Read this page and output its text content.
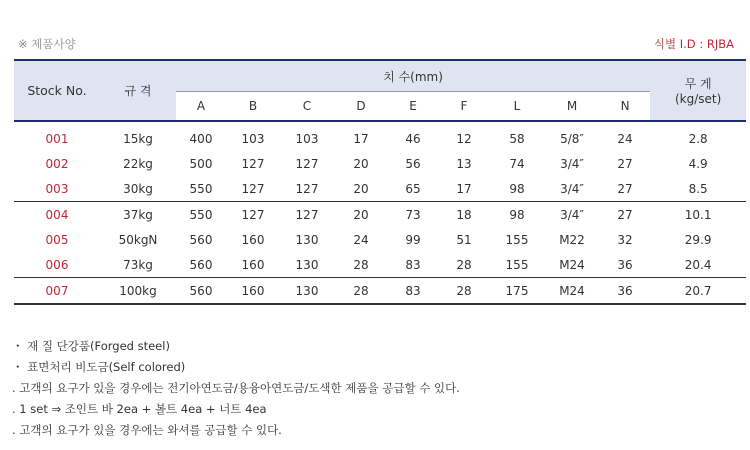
※ 제품사양	식별 I.D : RJBA
Stock No.	규 격	치 수(mm)									무 게
(kg/set)

		A	B	C	D	E	F	L	M	N	
001	15kg	400	103	103	17	46	12	58	5/8″	24	2.8
002	22kg	500	127	127	20	56	13	74	3/4″	27	4.9
003	30kg	550	127	127	20	65	17	98	3/4″	27	8.5
004	37kg	550	127	127	20	73	18	98	3/4″	27	10.1
005	50kgN	560	160	130	24	99	51	155	M22	32	29.9
006	73kg	560	160	130	28	83	28	155	M24	36	20.4
007	100kg	560	160	130	28	83	28	175	M24	36	20.7
・ 재 질 단강품(Forged steel)
・ 표면처리 비도금(Self colored)
. 고객의 요구가 있을 경우에는 전기아연도금/용융아연도금/도색한 제품을 공급할 수 있다.
. 1 set ⇒ 조인트 바 2ea + 볼트 4ea + 너트 4ea
. 고객의 요구가 있을 경우에는 와셔를 공급할 수 있다.
